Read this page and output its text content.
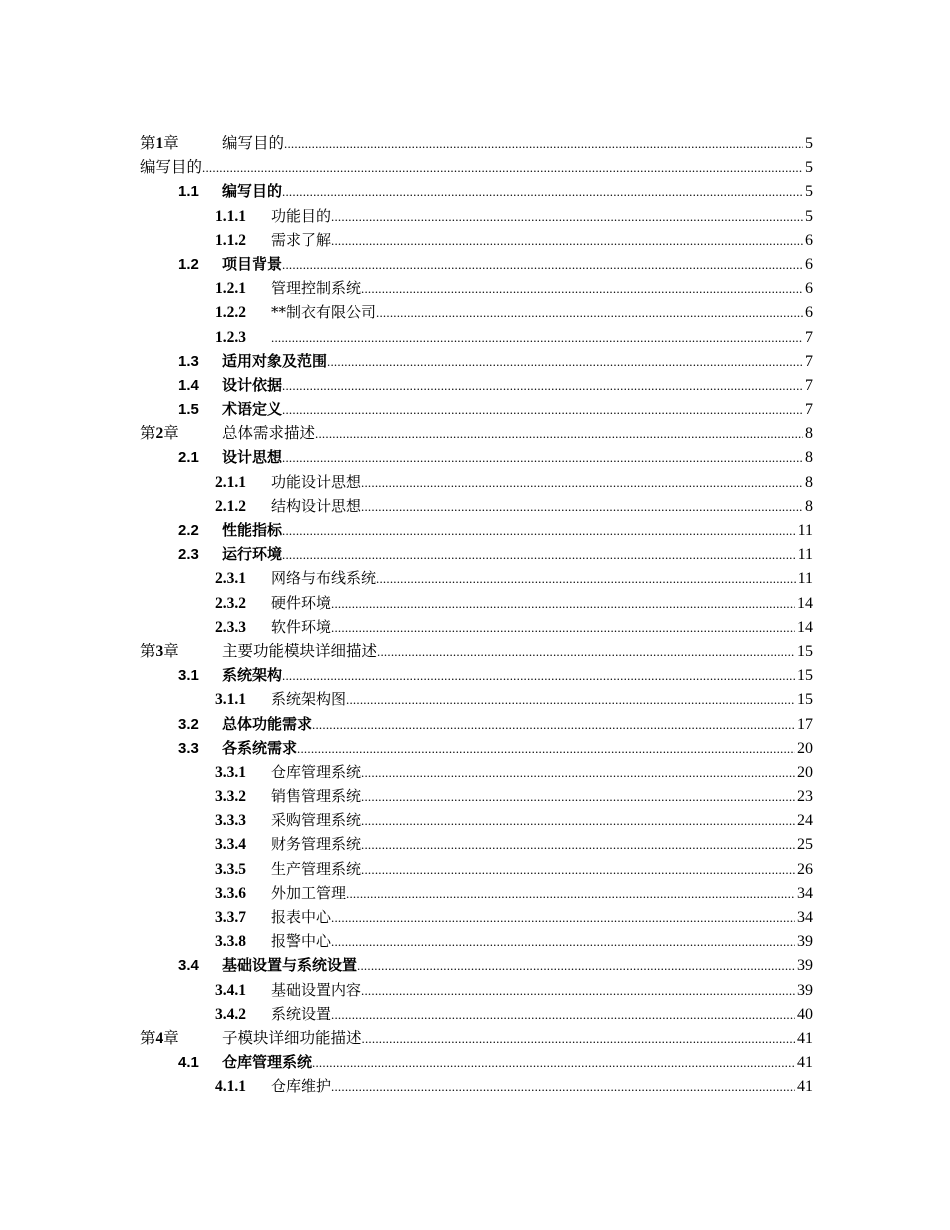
第1章	编写目的 .....	5
编写目的 .....	5
1.1	编写目的 .....	5
1.1.1	功能目的 .....	5
1.1.2	需求了解 .....	6
1.2	项目背景 .....	6
1.2.1	管理控制系统 .....	6
1.2.2	**制衣有限公司 .....	6
1.2.3 .....	7
1.3	适用对象及范围 .....	7
1.4	设计依据 .....	7
1.5	术语定义 .....	7
第2章	总体需求描述 .....	8
2.1	设计思想 .....	8
2.1.1	功能设计思想 .....	8
2.1.2	结构设计思想 .....	8
2.2	性能指标 .....	11
2.3	运行环境 .....	11
2.3.1	网络与布线系统 .....	11
2.3.2	硬件环境 .....	14
2.3.3	软件环境 .....	14
第3章	主要功能模块详细描述 .....	15
3.1	系统架构 .....	15
3.1.1	系统架构图 .....	15
3.2	总体功能需求 .....	17
3.3	各系统需求 .....	20
3.3.1	仓库管理系统 .....	20
3.3.2	销售管理系统 .....	23
3.3.3	采购管理系统 .....	24
3.3.4	财务管理系统 .....	25
3.3.5	生产管理系统 .....	26
3.3.6	外加工管理 .....	34
3.3.7	报表中心 .....	34
3.3.8	报警中心 .....	39
3.4	基础设置与系统设置 .....	39
3.4.1	基础设置内容 .....	39
3.4.2	系统设置 .....	40
第4章	子模块详细功能描述 .....	41
4.1	仓库管理系统 .....	41
4.1.1	仓库维护 .....	41
